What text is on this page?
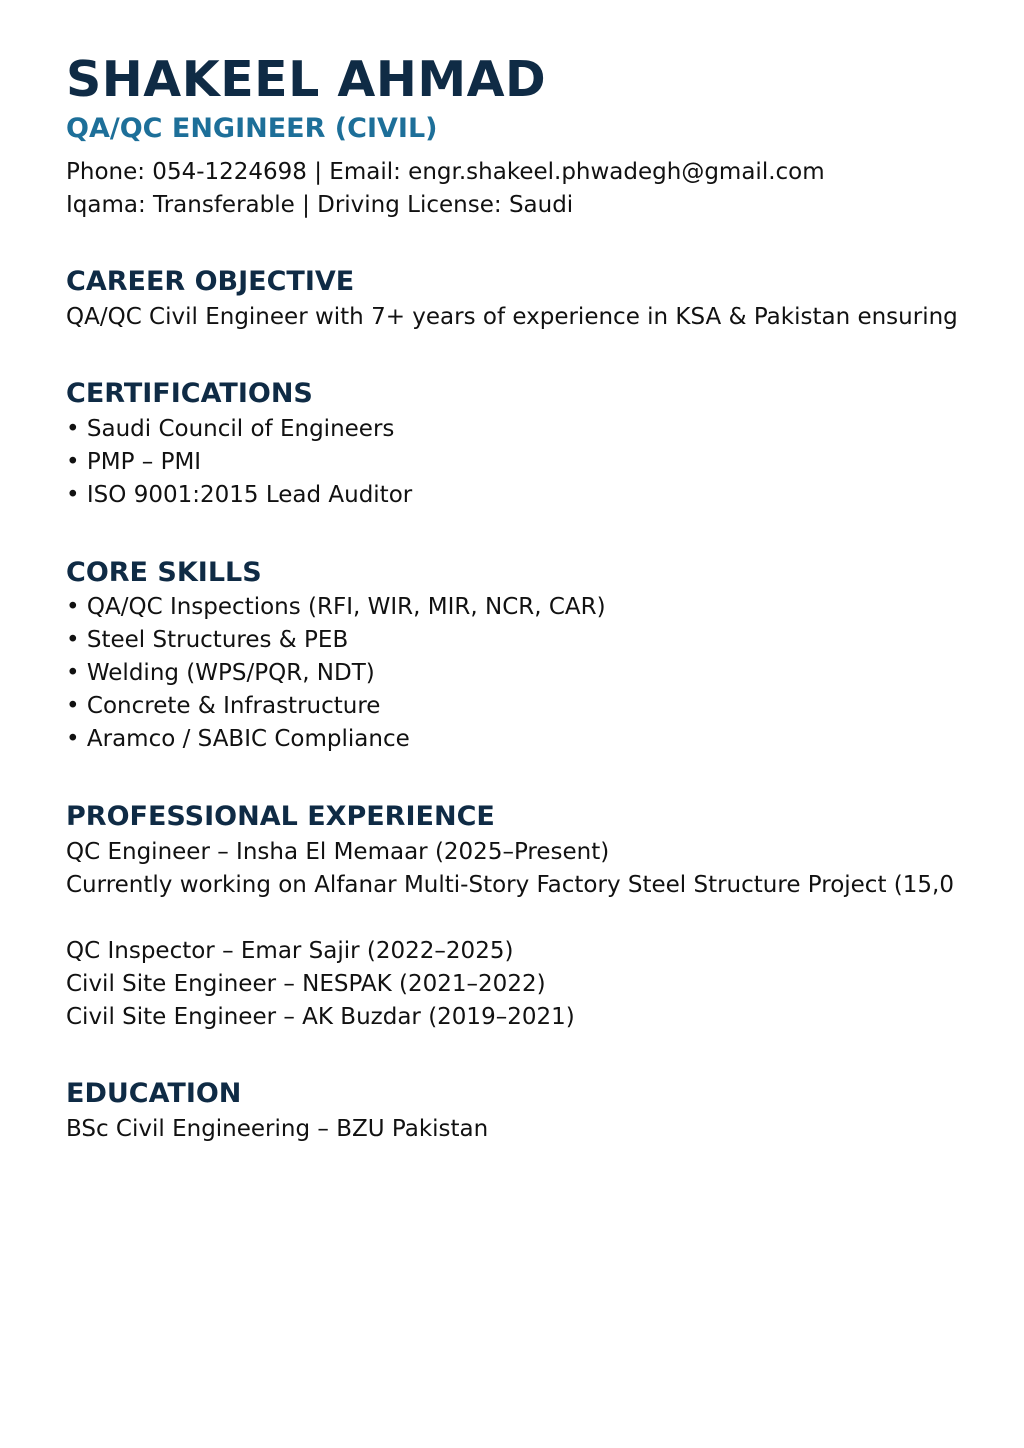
SHAKEEL AHMAD
QA/QC ENGINEER (CIVIL)
Phone: 054-1224698 | Email: engr.shakeel.phwadegh@gmail.com
Iqama: Transferable | Driving License: Saudi
CAREER OBJECTIVE
QA/QC Civil Engineer with 7+ years of experience in KSA & Pakistan ensuring
CERTIFICATIONS
• Saudi Council of Engineers
• PMP – PMI
• ISO 9001:2015 Lead Auditor
CORE SKILLS
• QA/QC Inspections (RFI, WIR, MIR, NCR, CAR)
• Steel Structures & PEB
• Welding (WPS/PQR, NDT)
• Concrete & Infrastructure
• Aramco / SABIC Compliance
PROFESSIONAL EXPERIENCE
QC Engineer – Insha El Memaar (2025–Present)
Currently working on Alfanar Multi-Story Factory Steel Structure Project (15,0
QC Inspector – Emar Sajir (2022–2025)
Civil Site Engineer – NESPAK (2021–2022)
Civil Site Engineer – AK Buzdar (2019–2021)
EDUCATION
BSc Civil Engineering – BZU Pakistan
